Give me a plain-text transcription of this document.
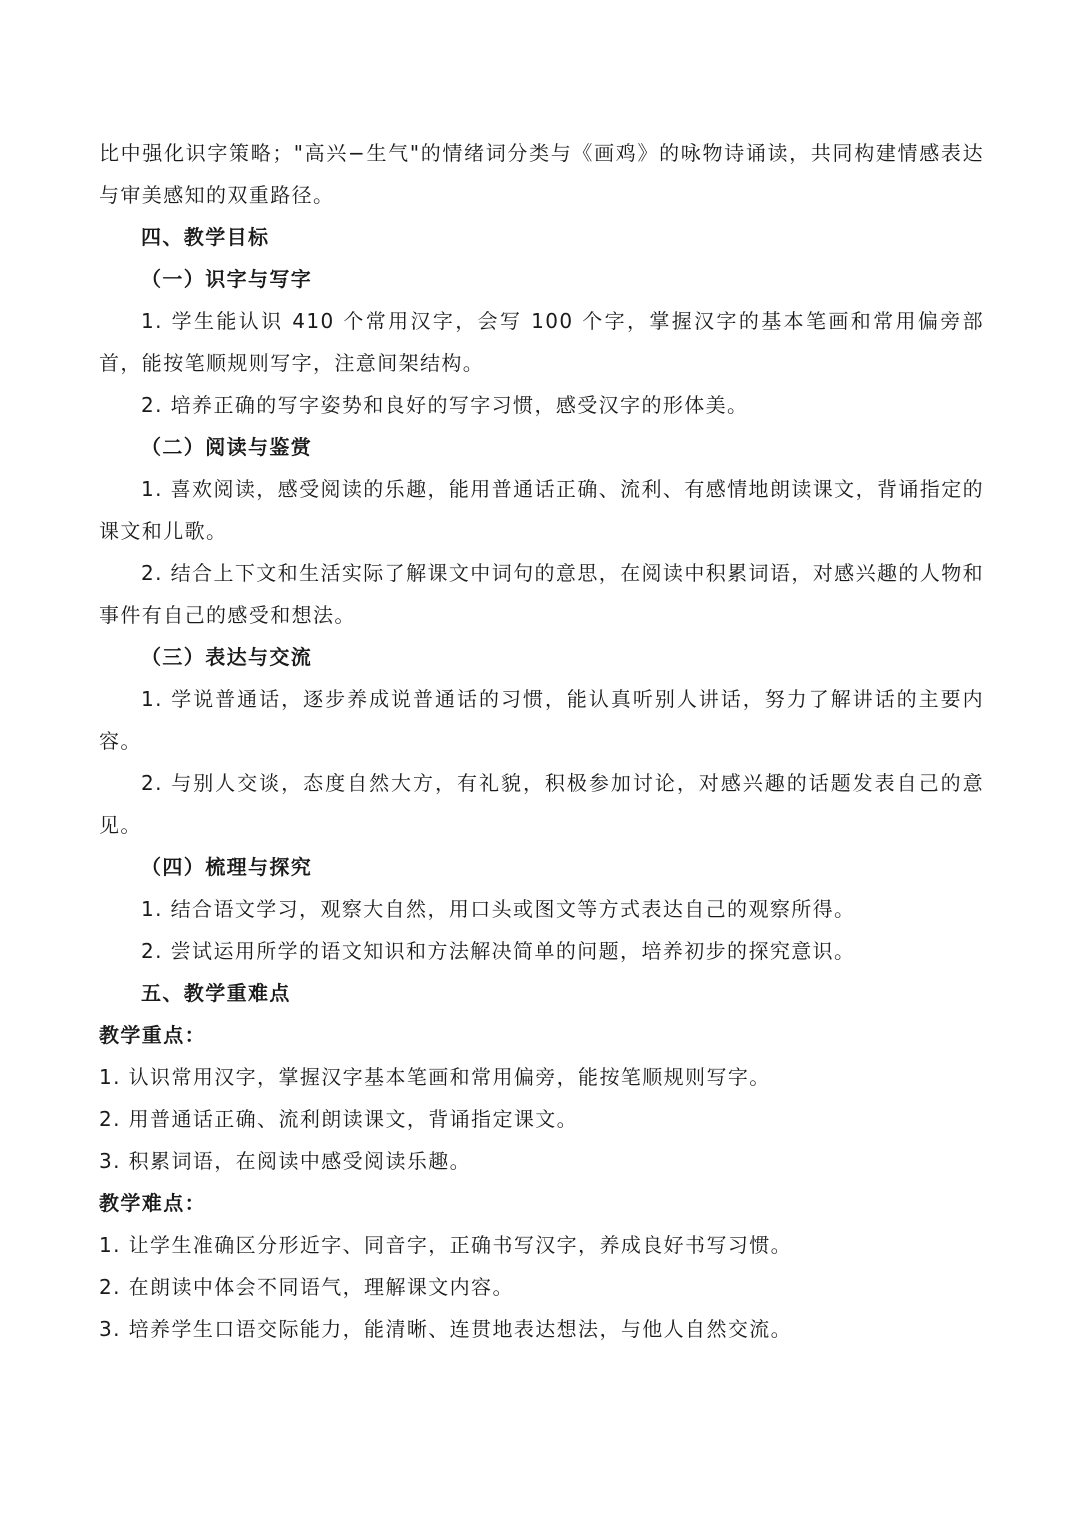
比中强化识字策略；"高兴−生气"的情绪词分类与《画鸡》的咏物诗诵读，共同构建情感表达与审美感知的双重路径。

四、教学目标

（一）识字与写字

1. 学生能认识 410 个常用汉字，会写 100 个字，掌握汉字的基本笔画和常用偏旁部首，能按笔顺规则写字，注意间架结构。

2. 培养正确的写字姿势和良好的写字习惯，感受汉字的形体美。

（二）阅读与鉴赏

1. 喜欢阅读，感受阅读的乐趣，能用普通话正确、流利、有感情地朗读课文，背诵指定的课文和儿歌。

2. 结合上下文和生活实际了解课文中词句的意思，在阅读中积累词语，对感兴趣的人物和事件有自己的感受和想法。

（三）表达与交流

1. 学说普通话，逐步养成说普通话的习惯，能认真听别人讲话，努力了解讲话的主要内容。

2. 与别人交谈，态度自然大方，有礼貌，积极参加讨论，对感兴趣的话题发表自己的意见。

（四）梳理与探究

1. 结合语文学习，观察大自然，用口头或图文等方式表达自己的观察所得。

2. 尝试运用所学的语文知识和方法解决简单的问题，培养初步的探究意识。

五、教学重难点

教学重点：

1. 认识常用汉字，掌握汉字基本笔画和常用偏旁，能按笔顺规则写字。

2. 用普通话正确、流利朗读课文，背诵指定课文。

3. 积累词语，在阅读中感受阅读乐趣。

教学难点：

1. 让学生准确区分形近字、同音字，正确书写汉字，养成良好书写习惯。

2. 在朗读中体会不同语气，理解课文内容。

3. 培养学生口语交际能力，能清晰、连贯地表达想法，与他人自然交流。
